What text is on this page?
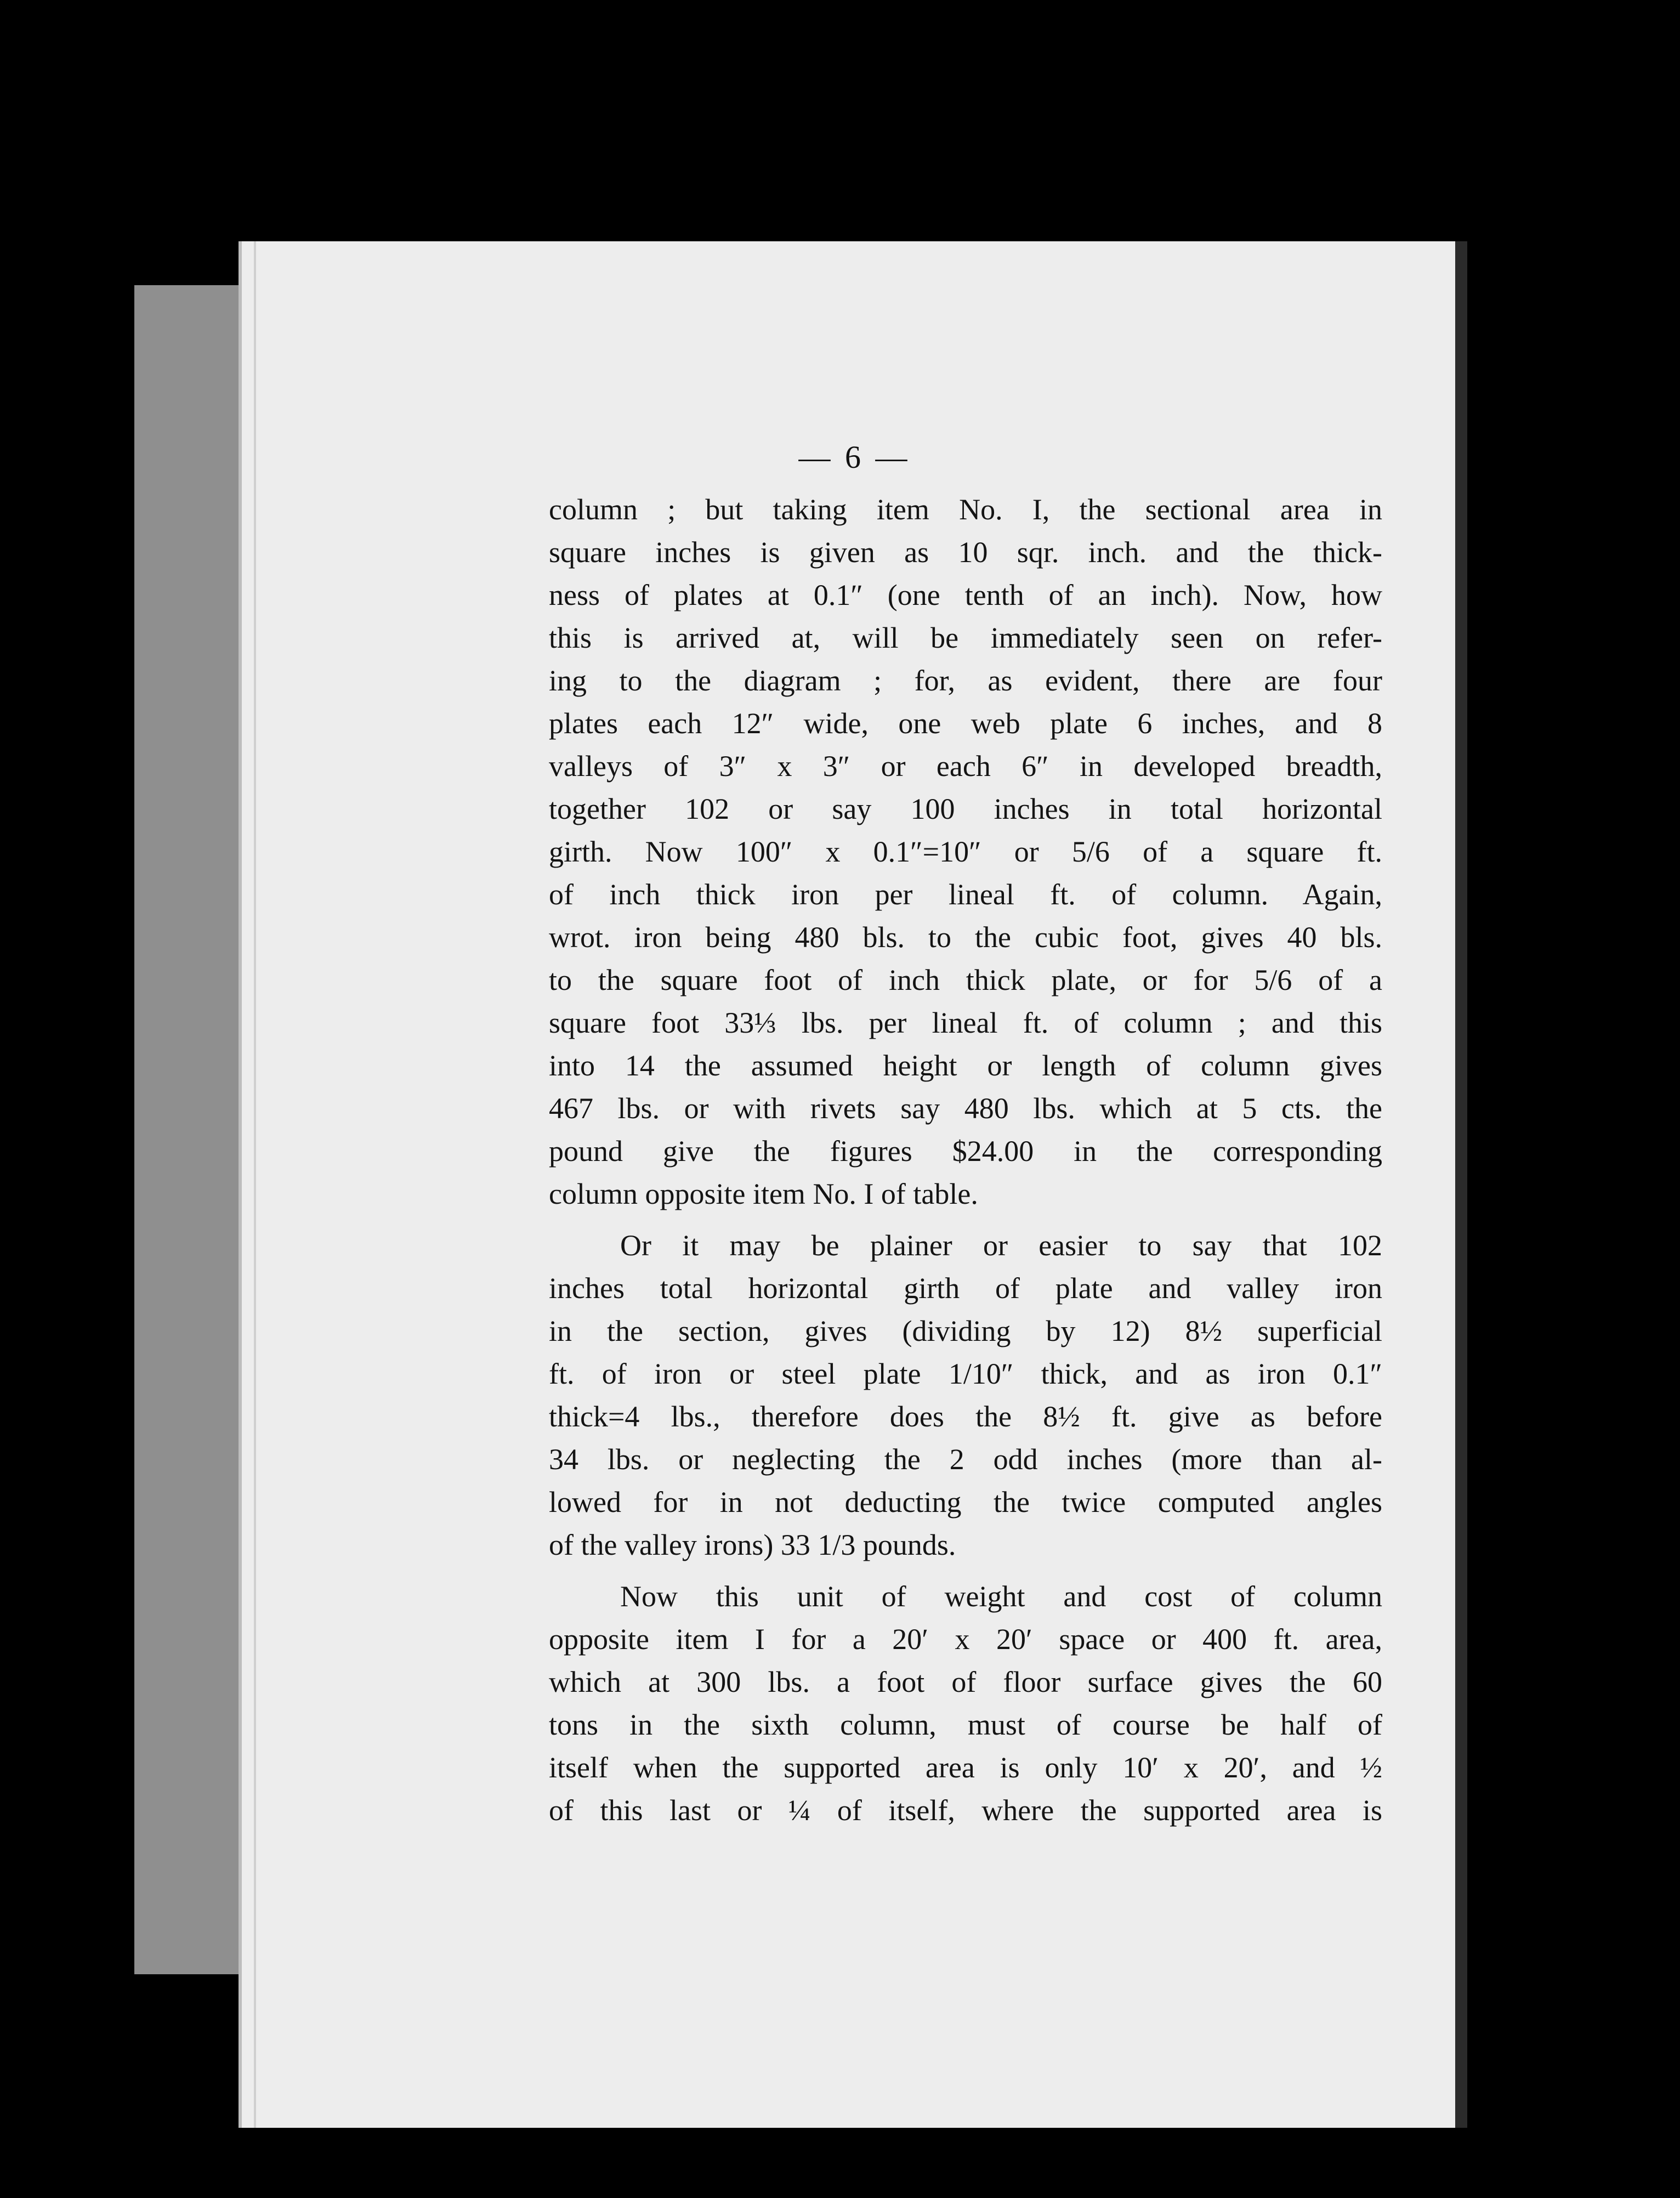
— 6 —
column ; but taking item No. I, the sectional area in
square inches is given as 10 sqr. inch. and the thick-
ness of plates at 0.1″ (one tenth of an inch). Now, how
this is arrived at, will be immediately seen on refer-
ing to the diagram ; for, as evident, there are four
plates each 12″ wide, one web plate 6 inches, and 8
valleys of 3″ x 3″ or each 6″ in developed breadth,
together 102 or say 100 inches in total horizontal
girth. Now 100″ x 0.1″=10″ or 5/6 of a square ft.
of inch thick iron per lineal ft. of column. Again,
wrot. iron being 480 bls. to the cubic foot, gives 40 bls.
to the square foot of inch thick plate, or for 5/6 of a
square foot 33⅓ lbs. per lineal ft. of column ; and this
into 14 the assumed height or length of column gives
467 lbs. or with rivets say 480 lbs. which at 5 cts. the
pound give the figures $24.00 in the corresponding
column opposite item No. I of table.
Or it may be plainer or easier to say that 102
inches total horizontal girth of plate and valley iron
in the section, gives (dividing by 12) 8½ superficial
ft. of iron or steel plate 1/10″ thick, and as iron 0.1″
thick=4 lbs., therefore does the 8½ ft. give as before
34 lbs. or neglecting the 2 odd inches (more than al-
lowed for in not deducting the twice computed angles
of the valley irons) 33 1/3 pounds.
Now this unit of weight and cost of column
opposite item I for a 20′ x 20′ space or 400 ft. area,
which at 300 lbs. a foot of floor surface gives the 60
tons in the sixth column, must of course be half of
itself when the supported area is only 10′ x 20′, and ½
of this last or ¼ of itself, where the supported area is
